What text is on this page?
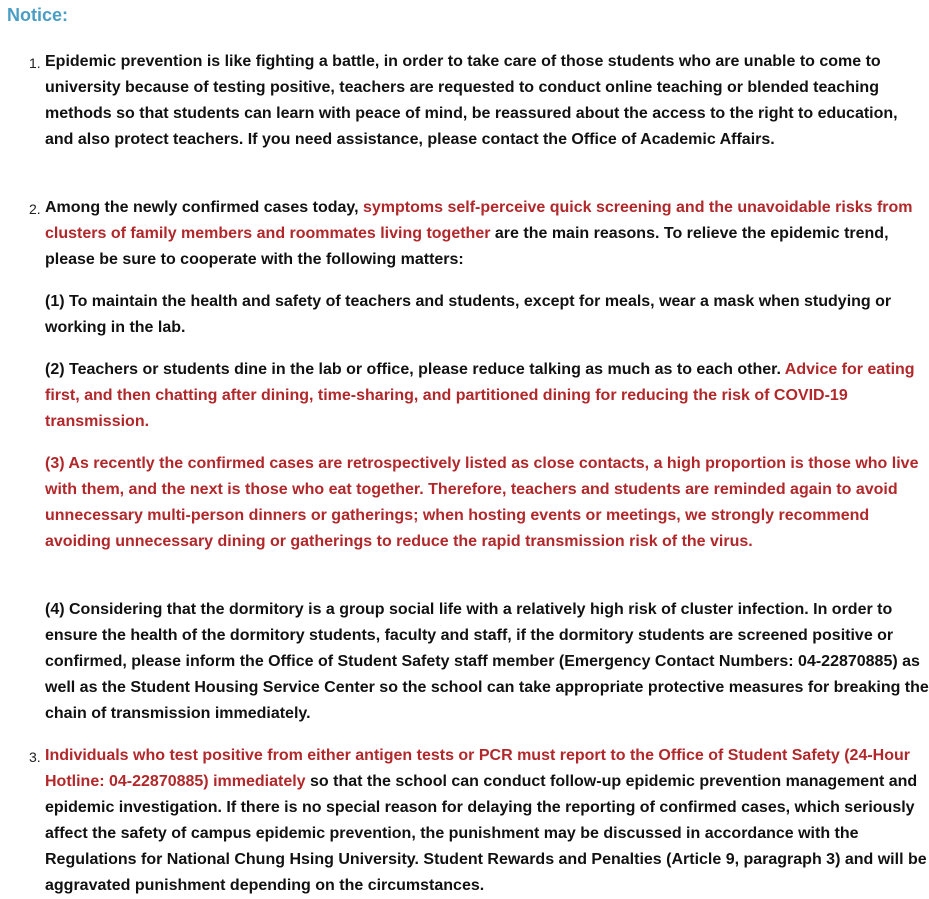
Notice:
1. Epidemic prevention is like fighting a battle, in order to take care of those students who are unable to come to university because of testing positive, teachers are requested to conduct online teaching or blended teaching methods so that students can learn with peace of mind, be reassured about the access to the right to education, and also protect teachers. If you need assistance, please contact the Office of Academic Affairs.

2. Among the newly confirmed cases today, symptoms self-perceive quick screening and the unavoidable risks from clusters of family members and roommates living together are the main reasons. To relieve the epidemic trend, please be sure to cooperate with the following matters:

(1) To maintain the health and safety of teachers and students, except for meals, wear a mask when studying or working in the lab.

(2) Teachers or students dine in the lab or office, please reduce talking as much as to each other. Advice for eating first, and then chatting after dining, time-sharing, and partitioned dining for reducing the risk of COVID-19 transmission.

(3) As recently the confirmed cases are retrospectively listed as close contacts, a high proportion is those who live with them, and the next is those who eat together. Therefore, teachers and students are reminded again to avoid unnecessary multi-person dinners or gatherings; when hosting events or meetings, we strongly recommend avoiding unnecessary dining or gatherings to reduce the rapid transmission risk of the virus.

(4) Considering that the dormitory is a group social life with a relatively high risk of cluster infection. In order to ensure the health of the dormitory students, faculty and staff, if the dormitory students are screened positive or confirmed, please inform the Office of Student Safety staff member (Emergency Contact Numbers: 04-22870885) as well as the Student Housing Service Center so the school can take appropriate protective measures for breaking the chain of transmission immediately.

3. Individuals who test positive from either antigen tests or PCR must report to the Office of Student Safety (24-Hour Hotline: 04-22870885) immediately so that the school can conduct follow-up epidemic prevention management and epidemic investigation. If there is no special reason for delaying the reporting of confirmed cases, which seriously affect the safety of campus epidemic prevention, the punishment may be discussed in accordance with the Regulations for National Chung Hsing University. Student Rewards and Penalties (Article 9, paragraph 3) and will be aggravated punishment depending on the circumstances.
